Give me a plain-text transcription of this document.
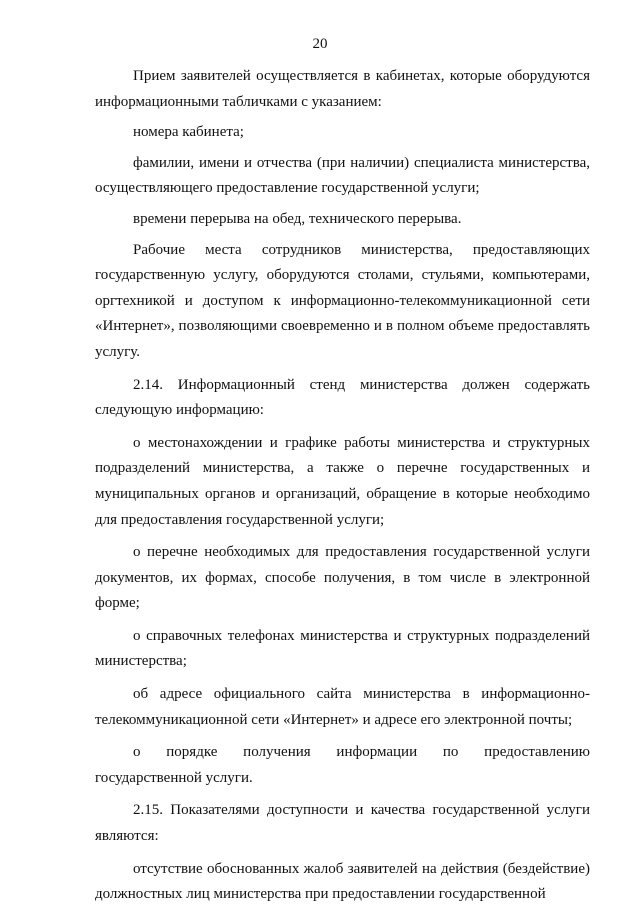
20

Прием заявителей осуществляется в кабинетах, которые оборудуются информационными табличками с указанием:

номера кабинета;

фамилии, имени и отчества (при наличии) специалиста министерства, осуществляющего предоставление государственной услуги;

времени перерыва на обед, технического перерыва.

Рабочие места сотрудников министерства, предоставляющих государственную услугу, оборудуются столами, стульями, компьютерами, оргтехникой и доступом к информационно-телекоммуникационной сети «Интернет», позволяющими своевременно и в полном объеме предоставлять услугу.

2.14. Информационный стенд министерства должен содержать следующую информацию:

о местонахождении и графике работы министерства и структурных подразделений министерства, а также о перечне государственных и муниципальных органов и организаций, обращение в которые необходимо для предоставления государственной услуги;

о перечне необходимых для предоставления государственной услуги документов, их формах, способе получения, в том числе в электронной форме;

о справочных телефонах министерства и структурных подразделений министерства;

об адресе официального сайта министерства в информационно-телекоммуникационной сети «Интернет» и адресе его электронной почты;

о порядке получения информации по предоставлению государственной услуги.

2.15. Показателями доступности и качества государственной услуги являются:

отсутствие обоснованных жалоб заявителей на действия (бездействие) должностных лиц министерства при предоставлении государственной
